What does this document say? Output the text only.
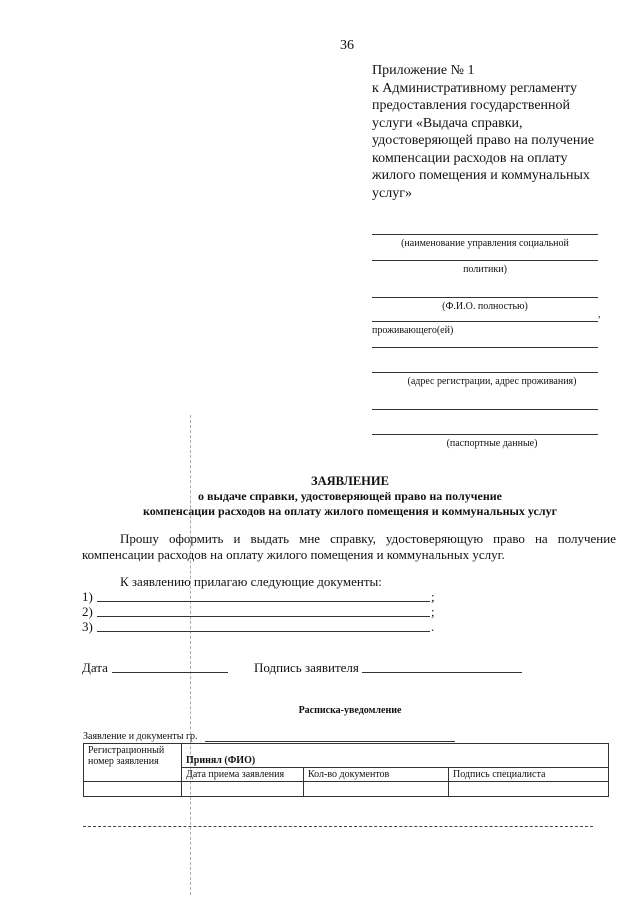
36
Приложение № 1
к Административному регламенту
предоставления государственной
услуги «Выдача справки,
удостоверяющей право на получение
компенсации расходов на оплату
жилого помещения и коммунальных
услуг»
(наименование управления социальной
политики)
(Ф.И.О. полностью)
,
проживающего(ей)
(адрес регистрации, адрес проживания)
(паспортные данные)
ЗАЯВЛЕНИЕ
о выдаче справки, удостоверяющей право на получение
компенсации расходов на оплату жилого помещения и коммунальных услуг
Прошу оформить и выдать мне справку, удостоверяющую право на получение компенсации расходов на оплату жилого помещения и коммунальных услуг.
К заявлению прилагаю следующие документы:
1)	;
2)	;
3)	.
Дата	Подпись заявителя
Расписка-уведомление
Заявление и документы гр.
Регистрационный номер заявления	Принял (ФИО)		
	Дата приема заявления	Кол-во документов	Подпись специалиста
